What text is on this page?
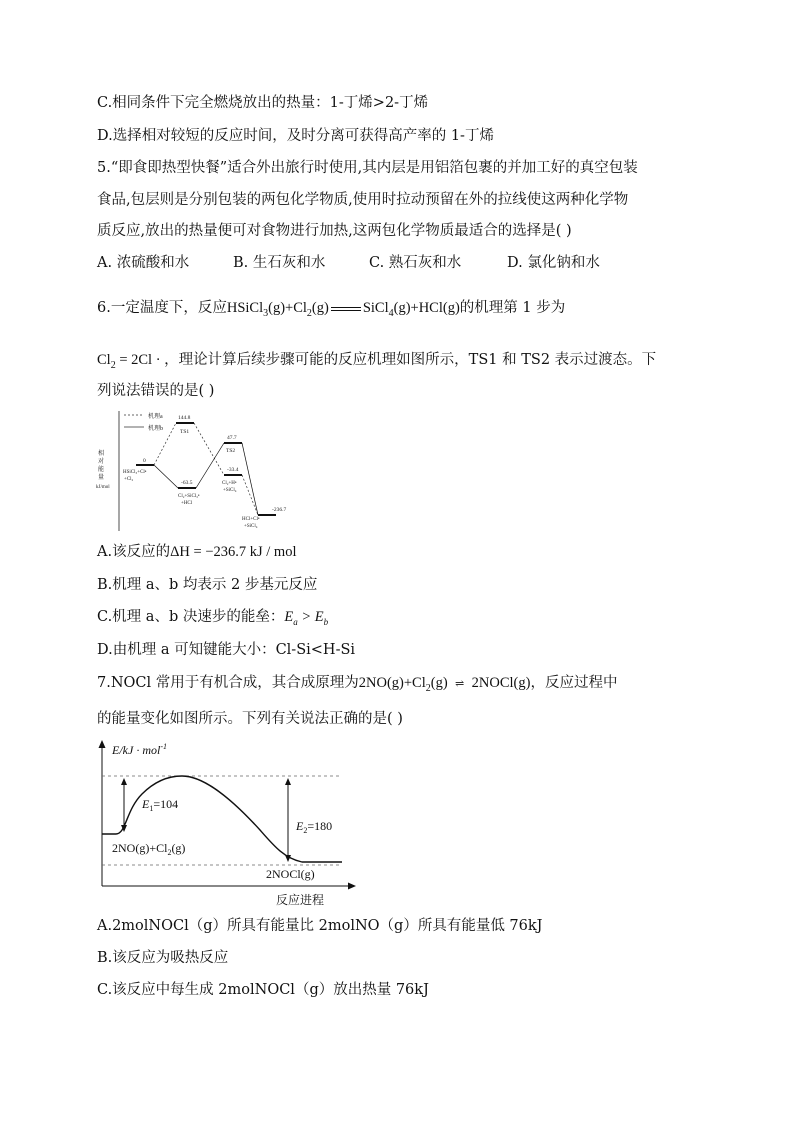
C.相同条件下完全燃烧放出的热量：1-丁烯>2-丁烯
D.选择相对较短的反应时间，及时分离可获得高产率的 1-丁烯
5.“即食即热型快餐”适合外出旅行时使用,其内层是用铝箔包裹的并加工好的真空包装
食品,包层则是分别包装的两包化学物质,使用时拉动预留在外的拉线使这两种化学物
质反应,放出的热量便可对食物进行加热,这两包化学物质最适合的选择是( )
A. 浓硫酸和水	B. 生石灰和水	C. 熟石灰和水	D. 氯化钠和水
6.一定温度下，反应$HSiCl_3(g)+Cl_2(g)$ SiCl$_4$(g)+HCl(g)的机理第 1 步为
$Cl_2 = 2Cl$ · ，理论计算后续步骤可能的反应机理如图所示，TS1 和 TS2 表示过渡态。下
列说法错误的是( )
机理a
机理b
相
对
能
量
kJ/mol
0
HSiCl₃+Cl•
+Cl₂
144.8
TS1
-63.5
Cl₂+SiCl₃•
+HCl
47.7
TS2
-33.4
Cl₂+H•
+SiCl₄
-236.7
HCl+Cl•
+SiCl₄
A.该反应的ΔH = −236.7 kJ / mol
B.机理 a、b 均表示 2 步基元反应
C.机理 a、b 决速步的能垒：$E_a > E_b$
D.由机理 a 可知键能大小：Cl-Si<H-Si
7.NOCl 常用于有机合成，其合成原理为$2NO(g)+Cl_2(g)$ ⇌ 2NOCl(g)，反应过程中
的能量变化如图所示。下列有关说法正确的是( )
E/kJ · mol$^{-1}$
$E_1=104$
$E_2=180$
$2NO(g)+Cl_2(g)$
2NOCl(g)
反应进程
A.2molNOCl（g）所具有能量比 2molNO（g）所具有能量低 76kJ
B.该反应为吸热反应
C.该反应中每生成 2molNOCl（g）放出热量 76kJ
